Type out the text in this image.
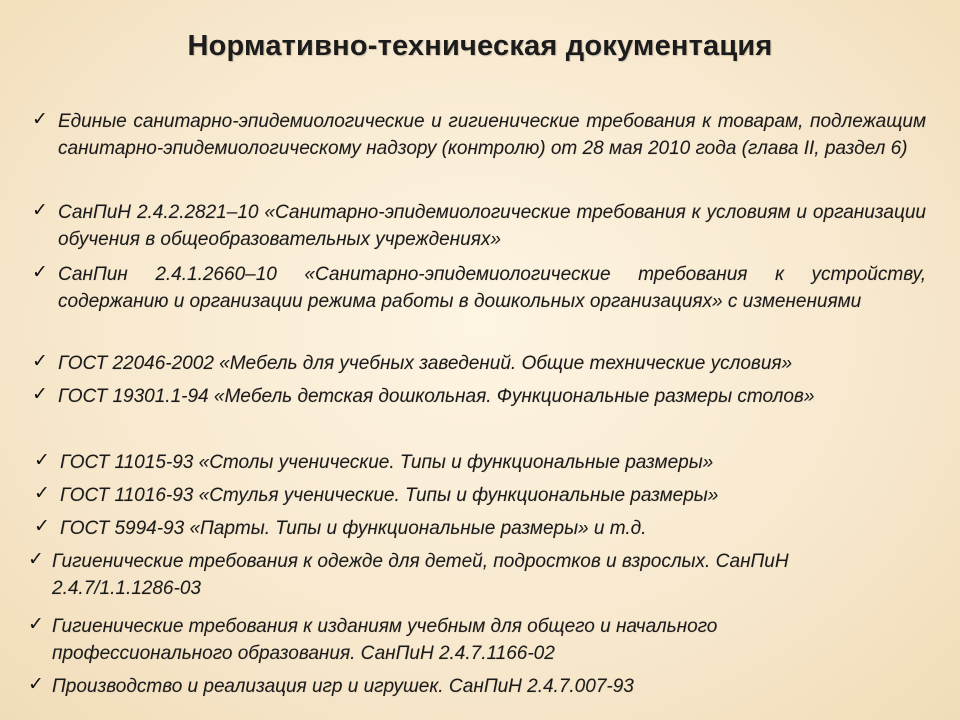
Нормативно-техническая документация
✓ Единые санитарно-эпидемиологические и гигиенические требования к товарам, подлежащим санитарно-эпидемиологическому надзору (контролю) от 28 мая 2010 года (глава II, раздел 6)
✓ СанПиН 2.4.2.2821–10 «Санитарно-эпидемиологические требования к условиям и организации обучения в общеобразовательных учреждениях»
✓ СанПин 2.4.1.2660–10 «Санитарно-эпидемиологические требования к устройству, содержанию и организации режима работы в дошкольных организациях» с изменениями
✓ ГОСТ 22046-2002 «Мебель для учебных заведений. Общие технические условия»
✓ ГОСТ 19301.1-94 «Мебель детская дошкольная. Функциональные размеры столов»
✓ ГОСТ 11015-93 «Столы ученические. Типы и функциональные размеры»
✓ ГОСТ 11016-93 «Стулья ученические. Типы и функциональные размеры»
✓ ГОСТ 5994-93 «Парты. Типы и функциональные размеры» и т.д.
✓ Гигиенические требования к одежде для детей, подростков и взрослых. СанПиН 2.4.7/1.1.1286-03
✓ Гигиенические требования к изданиям учебным для общего и начального профессионального образования. СанПиН 2.4.7.1166-02
✓ Производство и реализация игр и игрушек. СанПиН 2.4.7.007-93
